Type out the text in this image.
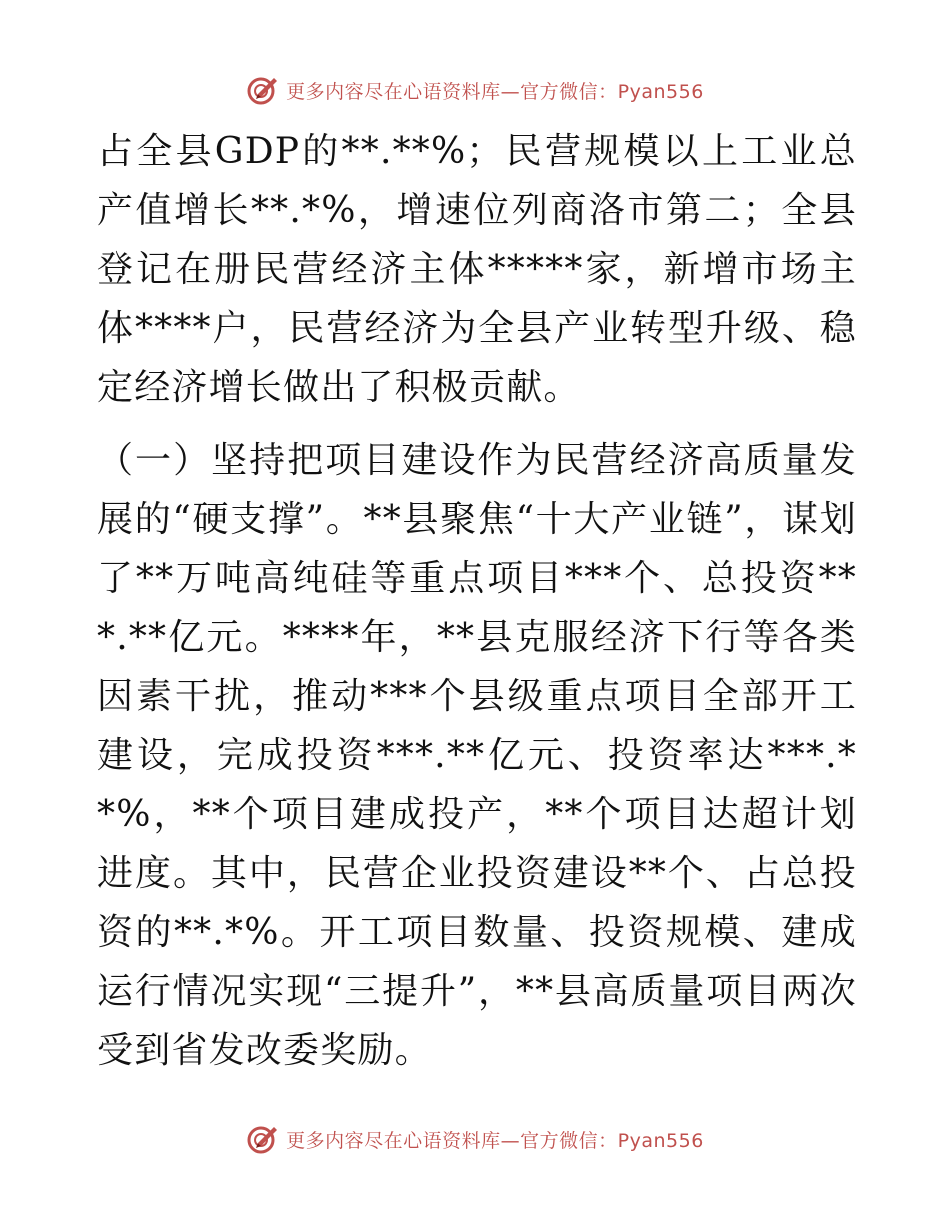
更多内容尽在心语资料库—官方微信：Pyan556

占全县GDP的**.**%；民营规模以上工业总产值增长**.*%，增速位列商洛市第二；全县登记在册民营经济主体*****家，新增市场主体****户，民营经济为全县产业转型升级、稳定经济增长做出了积极贡献。

（一）坚持把项目建设作为民营经济高质量发展的“硬支撑”。**县聚焦“十大产业链”，谋划了**万吨高纯硅等重点项目***个、总投资***.**亿元。****年，**县克服经济下行等各类因素干扰，推动***个县级重点项目全部开工建设，完成投资***.**亿元、投资率达***.**%，**个项目建成投产，**个项目达超计划进度。其中，民营企业投资建设**个、占总投资的**.*%。开工项目数量、投资规模、建成运行情况实现“三提升”，**县高质量项目两次受到省发改委奖励。

更多内容尽在心语资料库—官方微信：Pyan556
